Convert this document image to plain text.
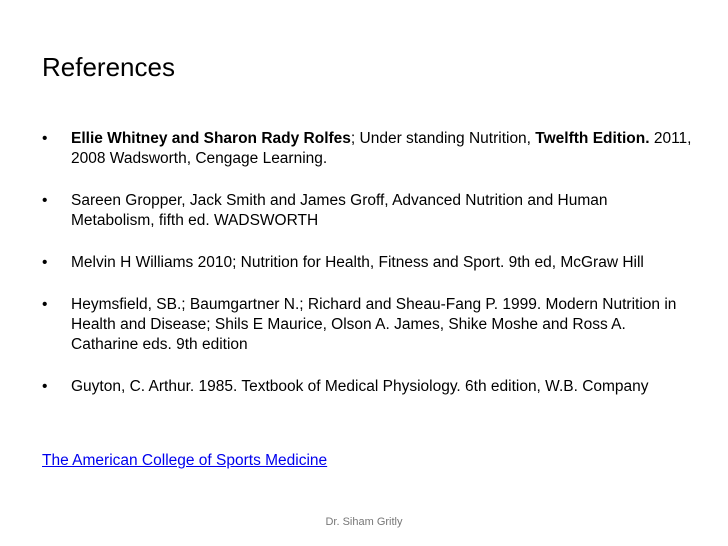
References
•	Ellie Whitney and Sharon Rady Rolfes; Under standing Nutrition, Twelfth Edition. 2011, 2008 Wadsworth, Cengage Learning.
•	Sareen Gropper, Jack Smith and James Groff, Advanced Nutrition and Human Metabolism, fifth ed. WADSWORTH
•	Melvin H Williams 2010; Nutrition for Health, Fitness and Sport. 9th ed, McGraw Hill
•	Heymsfield, SB.; Baumgartner N.; Richard and Sheau-Fang P. 1999. Modern Nutrition in Health and Disease; Shils E Maurice, Olson A. James, Shike Moshe and Ross A. Catharine eds. 9th edition
•	Guyton, C. Arthur. 1985. Textbook of Medical Physiology. 6th edition, W.B. Company
The American College of Sports Medicine
Dr. Siham Gritly
